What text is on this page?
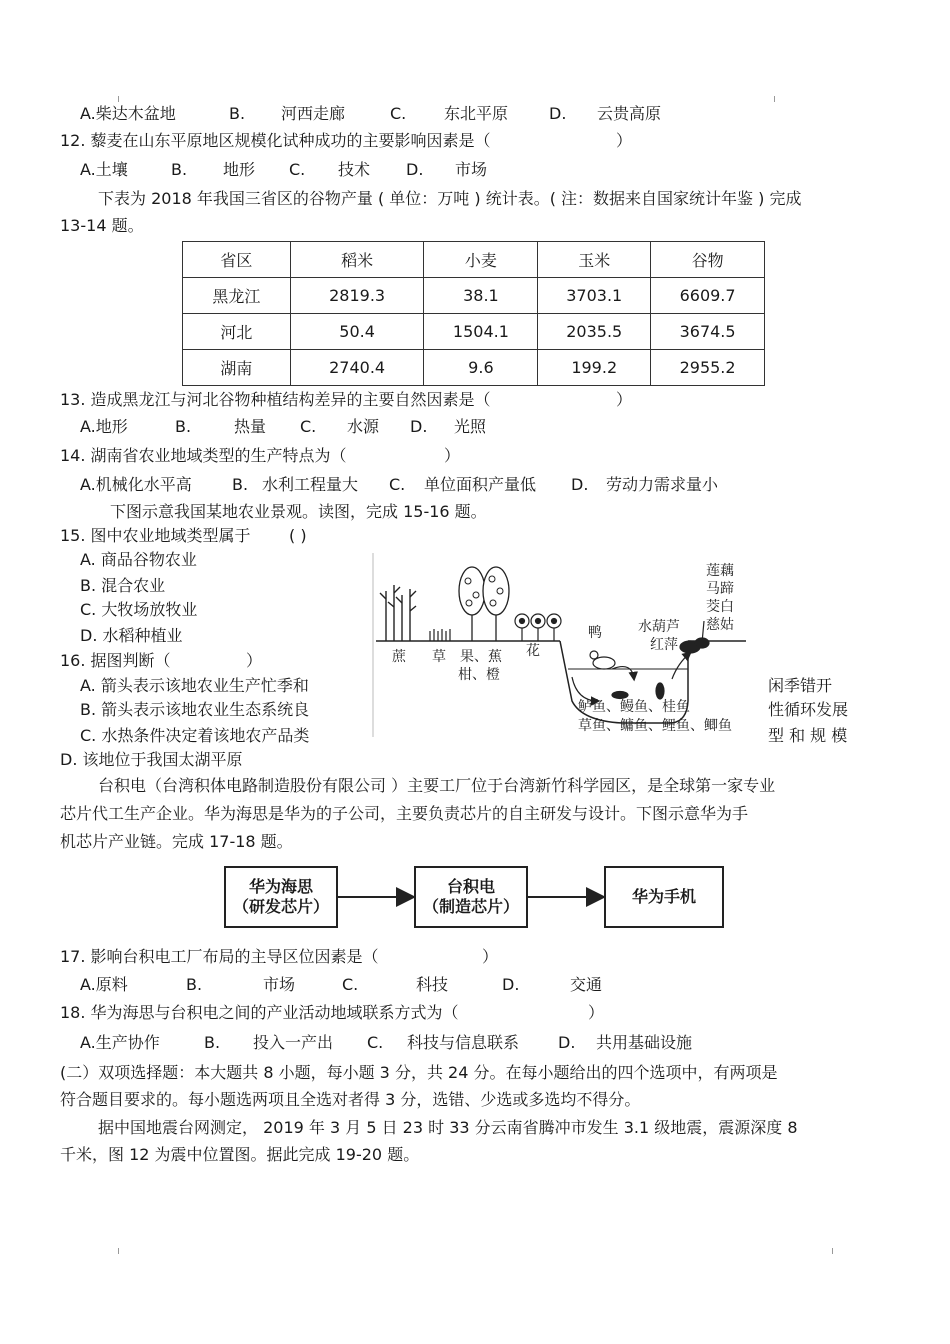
A.柴达木盆地	B. 河西走廊	C. 东北平原	D. 云贵高原
12. 藜麦在山东平原地区规模化试种成功的主要影响因素是（	）
A.土壤	B. 地形 C. 技术 D. 市场
下表为 2018 年我国三省区的谷物产量 ( 单位：万吨 ) 统计表。( 注：数据来自国家统计年鉴 ) 完成
13-14 题。
省区	稻米	小麦	玉米	谷物
黑龙江	2819.3	38.1	3703.1	6609.7
河北	50.4	1504.1	2035.5	3674.5
湖南	2740.4	9.6	199.2	2955.2
13. 造成黑龙江与河北谷物种植结构差异的主要自然因素是（	）
A.地形	B.	热量 C. 水源 D. 光照
14. 湖南省农业地域类型的生产特点为（	）
A.机械化水平高	B. 水利工程量大 C. 单位面积产量低 D. 劳动力需求量小
下图示意我国某地农业景观。读图，完成 15-16 题。
15. 图中农业地域类型属于 ( )
A. 商品谷物农业
B. 混合农业
C. 大牧场放牧业
D. 水稻种植业
16. 据图判断（	）
A. 箭头表示该地农业生产忙季和	闲季错开
B. 箭头表示该地农业生态系统良	性循环发展
C. 水热条件决定着该地农产品类	型 和 规 模
D. 该地位于我国太湖平原
蔗 草 果、蕉
柑、橙
花
鸭	水葫芦
红萍
莲藕
马蹄
茭白
慈姑
鲈鱼、鳗鱼、桂鱼
草鱼、鳙鱼、鲤鱼、鲫鱼
台积电（台湾积体电路制造股份有限公司 ）主要工厂位于台湾新竹科学园区，是全球第一家专业
芯片代工生产企业。华为海思是华为的子公司，主要负责芯片的自主研发与设计。下图示意华为手
机芯片产业链。完成 17-18 题。
华为海思
（研发芯片）
台积电
（制造芯片）
华为手机
17. 影响台积电工厂布局的主导区位因素是（	）
A.原料	B.	市场	C.	科技	D.	交通
18. 华为海思与台积电之间的产业活动地域联系方式为（	）
A.生产协作	B. 投入一产出 C. 科技与信息联系 D. 共用基础设施
(二）双项选择题：本大题共 8 小题，每小题 3 分，共 24 分。在每小题给出的四个选项中，有两项是
符合题目要求的。每小题选两项且全选对者得 3 分，选错、少选或多选均不得分。
据中国地震台网测定， 2019 年 3 月 5 日 23 时 33 分云南省腾冲市发生 3.1 级地震，震源深度 8
千米，图 12 为震中位置图。据此完成 19-20 题。
